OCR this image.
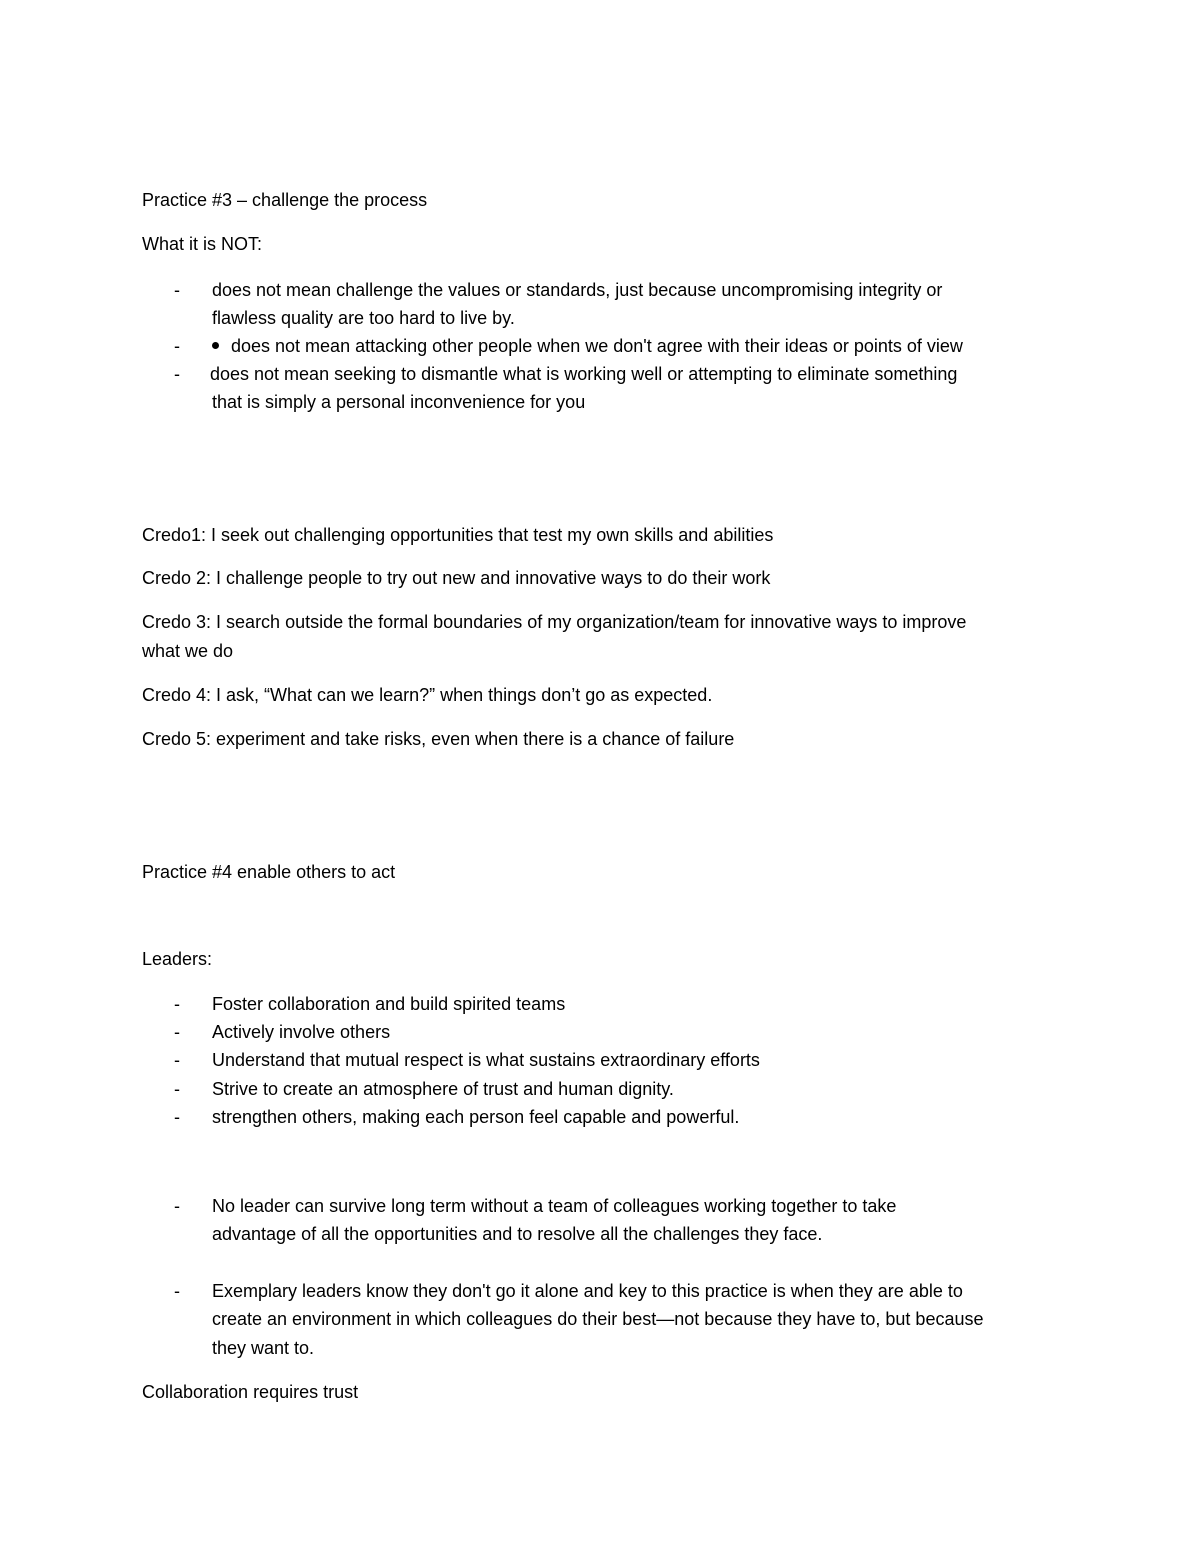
Practice #3 – challenge the process
What it is NOT:
- does not mean challenge the values or standards, just because uncompromising integrity or
flawless quality are too hard to live by.
-	does not mean attacking other people when we don't agree with their ideas or points of view
- does not mean seeking to dismantle what is working well or attempting to eliminate something
that is simply a personal inconvenience for you
Credo1: I seek out challenging opportunities that test my own skills and abilities
Credo 2: I challenge people to try out new and innovative ways to do their work
Credo 3: I search outside the formal boundaries of my organization/team for innovative ways to improve
what we do
Credo 4: I ask, “What can we learn?” when things don’t go as expected.
Credo 5: experiment and take risks, even when there is a chance of failure
Practice #4 enable others to act
Leaders:
- Foster collaboration and build spirited teams
- Actively involve others
- Understand that mutual respect is what sustains extraordinary efforts
- Strive to create an atmosphere of trust and human dignity.
- strengthen others, making each person feel capable and powerful.
- No leader can survive long term without a team of colleagues working together to take
advantage of all the opportunities and to resolve all the challenges they face.
- Exemplary leaders know they don't go it alone and key to this practice is when they are able to
create an environment in which colleagues do their best—not because they have to, but because
they want to.
Collaboration requires trust
